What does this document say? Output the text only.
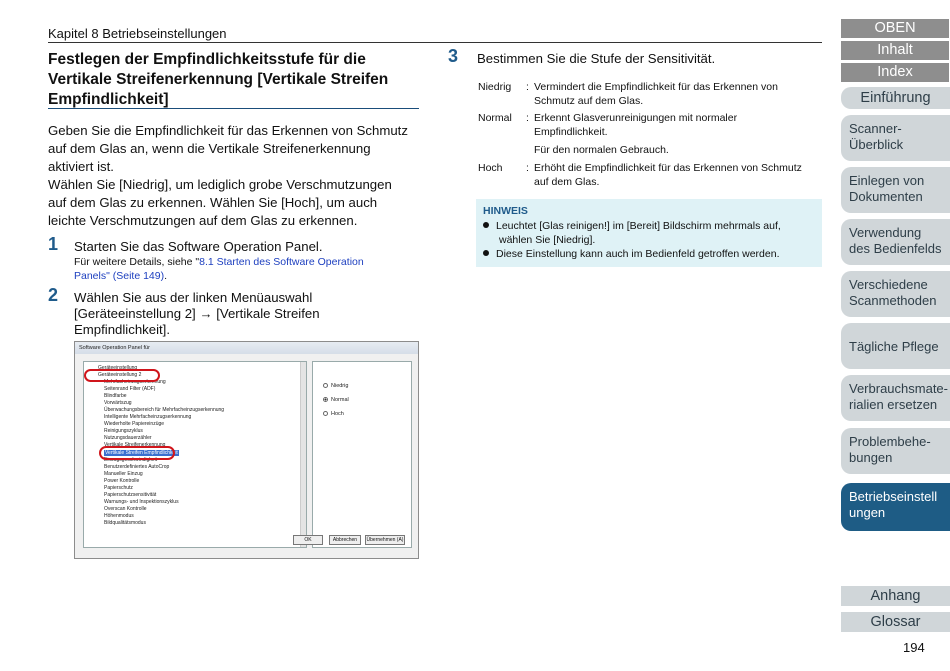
Kapitel 8 Betriebseinstellungen
Festlegen der Empfindlichkeitsstufe für die
Vertikale Streifenerkennung [Vertikale Streifen
Empfindlichkeit]
Geben Sie die Empfindlichkeit für das Erkennen von Schmutz
auf dem Glas an, wenn die Vertikale Streifenerkennung
aktiviert ist.
Wählen Sie [Niedrig], um lediglich grobe Verschmutzungen
auf dem Glas zu erkennen. Wählen Sie [Hoch], um auch
leichte Verschmutzungen auf dem Glas zu erkennen.
1 Starten Sie das Software Operation Panel.
Für weitere Details, siehe "8.1 Starten des Software Operation
Panels" (Seite 149).
2 Wählen Sie aus der linken Menüauswahl
[Geräteeinstellung 2] → [Vertikale Streifen
Empfindlichkeit].
Software Operation Panel für
Geräteeinstellung
Geräteeinstellung 2
Mehrfacheinzugserkennung
Seitenrand Filter (ADF)
Blindfarbe
Vorwärtszug
Überwachungsbereich für Mehrfacheinzugserkennung
Intelligente Mehrfacheinzugserkennung
Wiederholte Papiereinzüge
Reinigungszyklus
Nutzungsdauerzähler
Vertikale Streifenerkennung
Vertikale Streifen Empfindlichkeit
Einzugsgeschwindigkeit
Benutzerdefiniertes AutoCrop
Manueller Einzug
Power Kontrolle
Papierschutz
Papierschutzsensitivität
Warnungs- und Inspektionszyklus
Overscan Kontrolle
Höhenmodus
Bildqualitätsmodus
Niedrig
Normal
Hoch
OK	Abbrechen	Übernehmen (A)
3 Bestimmen Sie die Stufe der Sensitivität.
Niedrig : Vermindert die Empfindlichkeit für das Erkennen von
Schmutz auf dem Glas.
Normal : Erkennt Glasverunreinigungen mit normaler
Empfindlichkeit.
Für den normalen Gebrauch.
Hoch : Erhöht die Empfindlichkeit für das Erkennen von Schmutz
auf dem Glas.
HINWEIS
Leuchtet [Glas reinigen!] im [Bereit] Bildschirm mehrmals auf,
wählen Sie [Niedrig].
Diese Einstellung kann auch im Bedienfeld getroffen werden.
OBEN
Inhalt
Index
Einführung
Scanner-
Überblick
Einlegen von
Dokumenten
Verwendung
des Bedienfelds
Verschiedene
Scanmethoden
Tägliche Pflege
Verbrauchsmate-
rialien ersetzen
Problembehe-
bungen
Betriebseinstell
ungen
Anhang
Glossar
194
